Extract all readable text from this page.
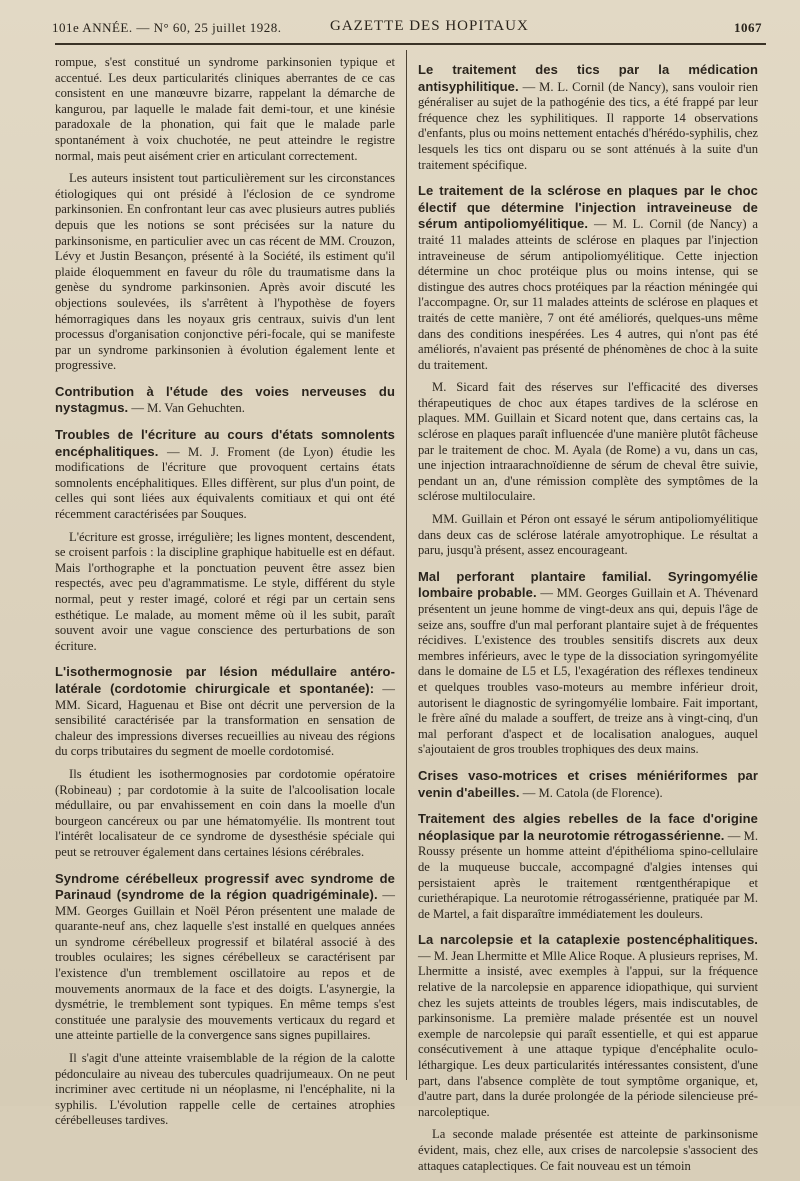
101e ANNÉE. — N° 60, 25 juillet 1928.	GAZETTE DES HOPITAUX	1067

rompue, s'est constitué un syndrome parkinsonien typique et accentué. Les deux particularités cliniques aberrantes de ce cas consistent en une manœuvre bizarre, rappelant la démarche de kangurou, par laquelle le malade fait demi-tour, et une kinésie paradoxale de la phonation, qui fait que le malade parle spontanément à voix chuchotée, ne peut atteindre le registre normal, mais peut aisément crier en articulant correctement.

Les auteurs insistent tout particulièrement sur les circonstances étiologiques qui ont présidé à l'éclosion de ce syndrome parkinsonien. En confrontant leur cas avec plusieurs autres publiés depuis que les notions se sont précisées sur la nature du parkinsonisme, en particulier avec un cas récent de MM. Crouzon, Lévy et Justin Besançon, présenté à la Société, ils estiment qu'il plaide éloquemment en faveur du rôle du traumatisme dans la genèse du syndrome parkinsonien. Après avoir discuté les objections soulevées, ils s'arrêtent à l'hypothèse de foyers hémorragiques dans les noyaux gris centraux, suivis d'un lent processus d'organisation conjonctive péri-focale, qui se manifeste par un syndrome parkinsonien à évolution également lente et progressive.

Contribution à l'étude des voies nerveuses du nystagmus. — M. Van Gehuchten.

Troubles de l'écriture au cours d'états somnolents encéphalitiques. — M. J. Froment (de Lyon) étudie les modifications de l'écriture que provoquent certains états somnolents encéphalitiques. Elles diffèrent, sur plus d'un point, de celles qui sont liées aux équivalents comitiaux et qui ont été récemment caractérisées par Souques.

L'écriture est grosse, irrégulière; les lignes montent, descendent, se croisent parfois : la discipline graphique habituelle est en défaut. Mais l'orthographe et la ponctuation peuvent être assez bien respectés, avec peu d'agrammatisme. Le style, différent du style normal, peut y rester imagé, coloré et régi par un certain sens esthétique. Le malade, au moment même où il les subit, paraît souvent avoir une vague conscience des perturbations de son écriture.

L'isothermognosie par lésion médullaire antéro-latérale (cordotomie chirurgicale et spontanée): — MM. Sicard, Haguenau et Bise ont décrit une perversion de la sensibilité caractérisée par la transformation en sensation de chaleur des impressions diverses recueillies au niveau des régions du corps tributaires du segment de moelle cordotomisé.

Ils étudient les isothermognosies par cordotomie opératoire (Robineau) ; par cordotomie à la suite de l'alcoolisation locale médullaire, ou par envahissement en coin dans la moelle d'un bourgeon cancéreux ou par une hématomyélie. Ils montrent tout l'intérêt localisateur de ce syndrome de dysesthésie spéciale qui peut se retrouver également dans certaines lésions cérébrales.

Syndrome cérébelleux progressif avec syndrome de Parinaud (syndrome de la région quadrigéminale). — MM. Georges Guillain et Noël Péron présentent une malade de quarante-neuf ans, chez laquelle s'est installé en quelques années un syndrome cérébelleux progressif et bilatéral associé à des troubles oculaires; les signes cérébelleux se caractérisent par l'existence d'un tremblement oscillatoire au repos et de mouvements anormaux de la face et des doigts. L'asynergie, la dysmétrie, le tremblement sont typiques. En même temps s'est constituée une paralysie des mouvements verticaux du regard et une atteinte partielle de la convergence sans signes pupillaires.

Il s'agit d'une atteinte vraisemblable de la région de la calotte pédonculaire au niveau des tubercules quadrijumeaux. On ne peut incriminer avec certitude ni un néoplasme, ni l'encéphalite, ni la syphilis. L'évolution rappelle celle de certaines atrophies cérébelleuses tardives.

Le traitement des tics par la médication antisyphilitique. — M. L. Cornil (de Nancy), sans vouloir rien généraliser au sujet de la pathogénie des tics, a été frappé par leur fréquence chez les syphilitiques. Il rapporte 14 observations d'enfants, plus ou moins nettement entachés d'hérédo-syphilis, chez lesquels les tics ont disparu ou se sont atténués à la suite d'un traitement spécifique.

Le traitement de la sclérose en plaques par le choc électif que détermine l'injection intraveineuse de sérum antipoliomyélitique. — M. L. Cornil (de Nancy) a traité 11 malades atteints de sclérose en plaques par l'injection intraveineuse de sérum antipoliomyélitique. Cette injection détermine un choc protéique plus ou moins intense, qui se distingue des autres chocs protéiques par la réaction méningée qui l'accompagne. Or, sur 11 malades atteints de sclérose en plaques et traités de cette manière, 7 ont été améliorés, quelques-uns même dans des conditions inespérées. Les 4 autres, qui n'ont pas été améliorés, n'avaient pas présenté de phénomènes de choc à la suite du traitement.

M. Sicard fait des réserves sur l'efficacité des diverses thérapeutiques de choc aux étapes tardives de la sclérose en plaques. MM. Guillain et Sicard notent que, dans certains cas, la sclérose en plaques paraît influencée d'une manière plutôt fâcheuse par le traitement de choc. M. Ayala (de Rome) a vu, dans un cas, une injection intraarachnoïdienne de sérum de cheval être suivie, pendant un an, d'une rémission complète des symptômes de la sclérose multiloculaire.

MM. Guillain et Péron ont essayé le sérum antipoliomyélitique dans deux cas de sclérose latérale amyotrophique. Le résultat a paru, jusqu'à présent, assez encourageant.

Mal perforant plantaire familial. Syringomyélie lombaire probable. — MM. Georges Guillain et A. Thévenard présentent un jeune homme de vingt-deux ans qui, depuis l'âge de seize ans, souffre d'un mal perforant plantaire sujet à de fréquentes récidives. L'existence des troubles sensitifs discrets aux deux membres inférieurs, avec le type de la dissociation syringomyélite dans le domaine de L5 et L5, l'exagération des réflexes tendineux et quelques troubles vaso-moteurs au membre inférieur droit, autorisent le diagnostic de syringomyélie lombaire. Fait important, le frère aîné du malade a souffert, de treize ans à vingt-cinq, d'un mal perforant d'aspect et de localisation analogues, auquel s'ajoutaient de gros troubles trophiques des deux mains.

Crises vaso-motrices et crises méniériformes par venin d'abeilles. — M. Catola (de Florence).

Traitement des algies rebelles de la face d'origine néoplasique par la neurotomie rétrogassérienne. — M. Roussy présente un homme atteint d'épithélioma spino-cellulaire de la muqueuse buccale, accompagné d'algies intenses qui persistaient après le traitement rœntgenthérapique et curiethérapique. La neurotomie rétrogassérienne, pratiquée par M. de Martel, a fait disparaître immédiatement les douleurs.

La narcolepsie et la cataplexie postencéphalitiques. — M. Jean Lhermitte et Mlle Alice Roque. A plusieurs reprises, M. Lhermitte a insisté, avec exemples à l'appui, sur la fréquence relative de la narcolepsie en apparence idiopathique, qui survient chez les sujets atteints de troubles légers, mais indiscutables, de parkinsonisme. La première malade présentée est un nouvel exemple de narcolepsie qui paraît essentielle, et qui est apparue consécutivement à une attaque typique d'encéphalite oculo-léthargique. Les deux particularités intéressantes consistent, d'une part, dans l'absence complète de tout symptôme organique, et, d'autre part, dans la durée prolongée de la période silencieuse pré-narcoleptique.

La seconde malade présentée est atteinte de parkinsonisme évident, mais, chez elle, aux crises de narcolepsie s'associent des attaques cataplectiques. Ce fait nouveau est un témoin
